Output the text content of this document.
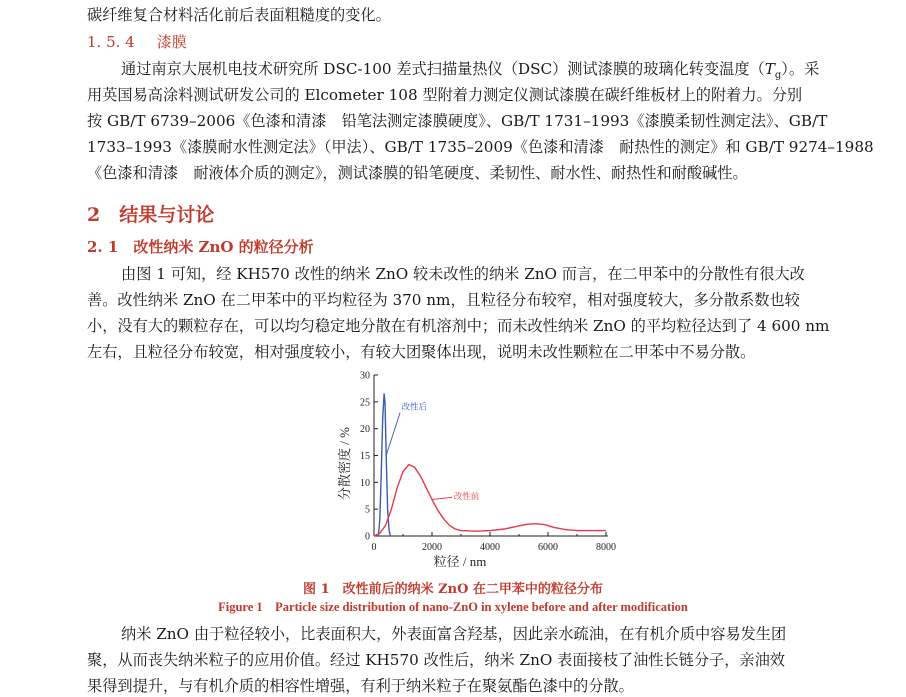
碳纤维复合材料活化前后表面粗糙度的变化。
1. 5. 4 漆膜
通过南京大展机电技术研究所 DSC-100 差式扫描量热仪（DSC）测试漆膜的玻璃化转变温度$(T_g)$。采
用英国易高涂料测试研发公司的 Elcometer 108 型附着力测定仪测试漆膜在碳纤维板材上的附着力。分别
按 GB/T 6739–2006《色漆和清漆　铅笔法测定漆膜硬度》、GB/T 1731–1993《漆膜柔韧性测定法》、GB/T
1733–1993《漆膜耐水性测定法》（甲法）、GB/T 1735–2009《色漆和清漆　耐热性的测定》和 GB/T 9274–1988
《色漆和清漆　耐液体介质的测定》，测试漆膜的铅笔硬度、柔韧性、耐水性、耐热性和耐酸碱性。
2　结果与讨论
2. 1　改性纳米 ZnO 的粒径分析
由图 1 可知，经 KH570 改性的纳米 ZnO 较未改性的纳米 ZnO 而言，在二甲苯中的分散性有很大改
善。改性纳米 ZnO 在二甲苯中的平均粒径为 370 nm，且粒径分布较窄，相对强度较大，多分散系数也较
小，没有大的颗粒存在，可以均匀稳定地分散在有机溶剂中；而未改性纳米 ZnO 的平均粒径达到了 4 600 nm
左右，且粒径分布较宽，相对强度较小，有较大团聚体出现，说明未改性颗粒在二甲苯中不易分散。
0
5
10
15
20
25
30
0	2000	4000	6000	8000
粒径 / nm
分散密度 / %
改性后
改性前
图 1　改性前后的纳米 ZnO 在二甲苯中的粒径分布
Figure 1　Particle size distribution of nano-ZnO in xylene before and after modification
纳米 ZnO 由于粒径较小，比表面积大，外表面富含羟基，因此亲水疏油，在有机介质中容易发生团
聚，从而丧失纳米粒子的应用价值。经过 KH570 改性后，纳米 ZnO 表面接枝了油性长链分子，亲油效
果得到提升，与有机介质的相容性增强，有利于纳米粒子在聚氨酯色漆中的分散。
